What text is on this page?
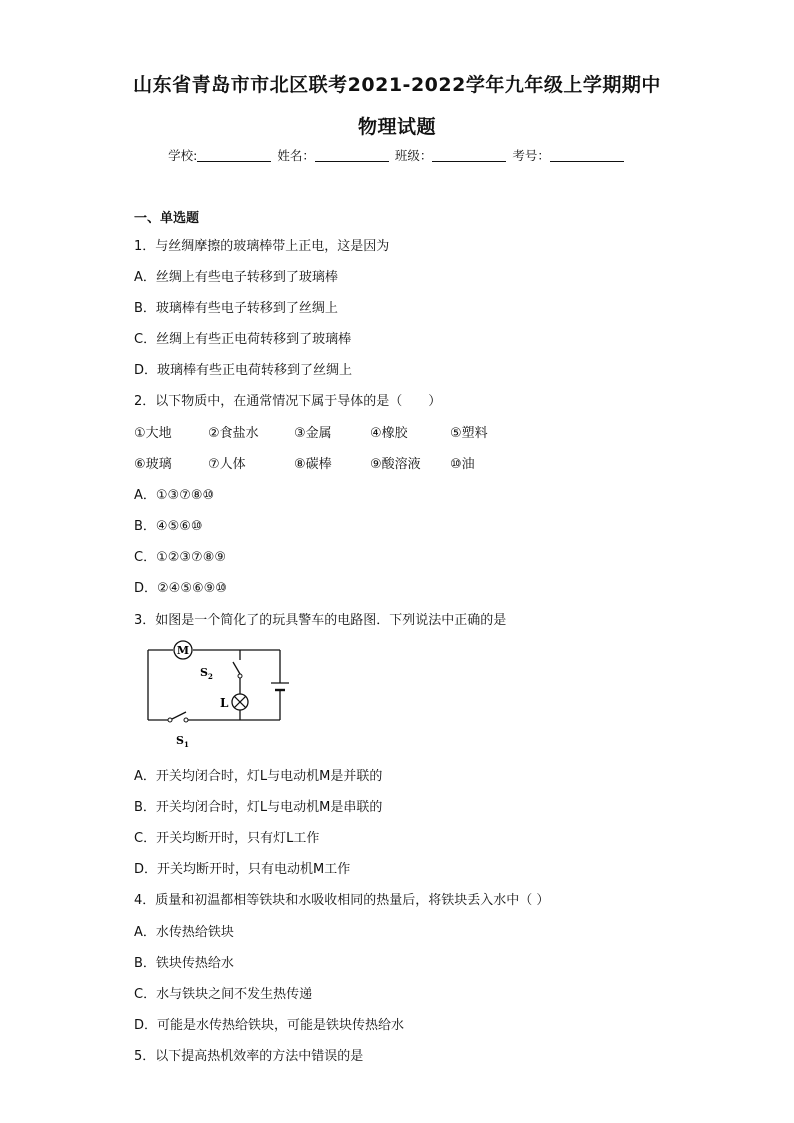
山东省青岛市市北区联考2021-2022学年九年级上学期期中
物理试题
学校:	姓名：	班级：	考号：
一、单选题
1．与丝绸摩擦的玻璃棒带上正电，这是因为
A．丝绸上有些电子转移到了玻璃棒
B．玻璃棒有些电子转移到了丝绸上
C．丝绸上有些正电荷转移到了玻璃棒
D．玻璃棒有些正电荷转移到了丝绸上
2．以下物质中，在通常情况下属于导体的是（　　）
①大地	②食盐水	③金属	④橡胶	⑤塑料
⑥玻璃	⑦人体	⑧碳棒	⑨酸溶液 ⑩油
A．①③⑦⑧⑩
B．④⑤⑥⑩
C．①②③⑦⑧⑨
D．②④⑤⑥⑨⑩
3．如图是一个简化了的玩具警车的电路图．下列说法中正确的是
M
$S_2$
L
$S_1$
A．开关均闭合时，灯L与电动机M是并联的
B．开关均闭合时，灯L与电动机M是串联的
C．开关均断开时，只有灯L工作
D．开关均断开时，只有电动机M工作
4．质量和初温都相等铁块和水吸收相同的热量后，将铁块丢入水中（ ）
A．水传热给铁块
B．铁块传热给水
C．水与铁块之间不发生热传递
D．可能是水传热给铁块，可能是铁块传热给水
5．以下提高热机效率的方法中错误的是
